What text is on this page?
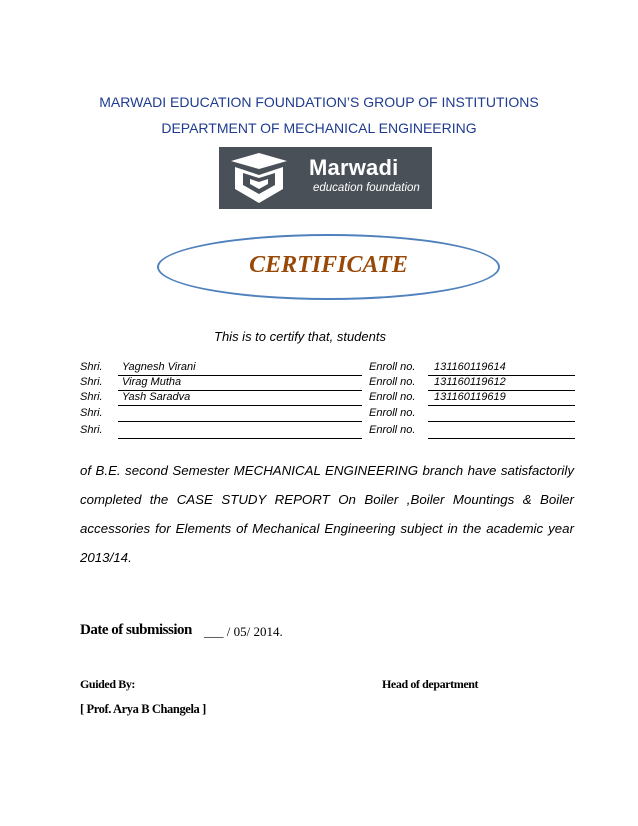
MARWADI EDUCATION FOUNDATION’S GROUP OF INSTITUTIONS
DEPARTMENT OF MECHANICAL ENGINEERING
Marwadi
education foundation
CERTIFICATE
This is to certify that, students
Shri. Yagnesh Virani	Enroll no. 131160119614
Shri. Virag Mutha	Enroll no. 131160119612
Shri. Yash Saradva	Enroll no. 131160119619
Shri.	Enroll no.
Shri.	Enroll no.
of B.E. second Semester MECHANICAL ENGINEERING branch have satisfactorily completed the CASE STUDY REPORT On Boiler ,Boiler Mountings & Boiler accessories for Elements of Mechanical Engineering subject in the academic year 2013/14.
Date of submission ___ / 05/ 2014.
Guided By:	Head of department
[ Prof. Arya B Changela ]
